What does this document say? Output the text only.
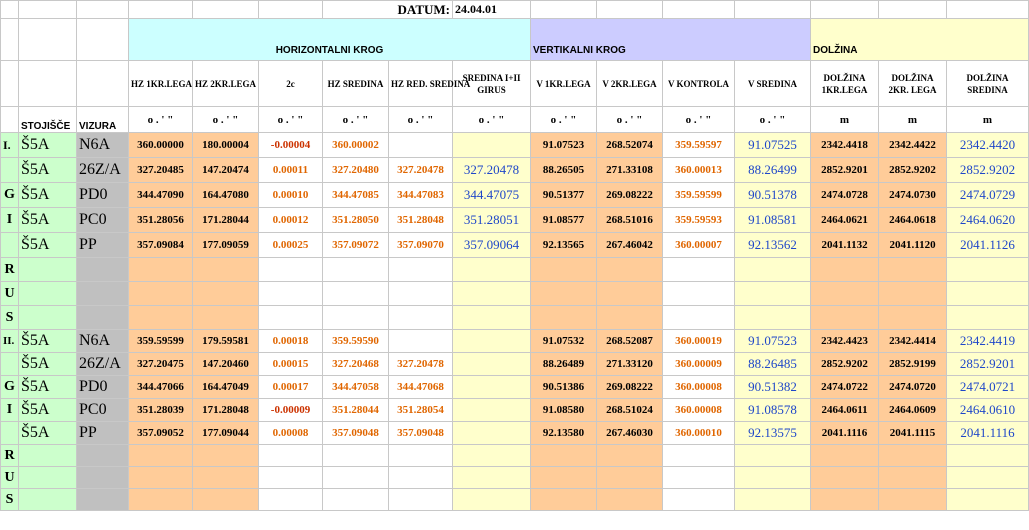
						DATUM:		24.04.01							
			HORIZONTALNI KROG						VERTIKALNI KROG				DOLŽINA		
			HZ 1KR.LEGA	HZ 2KR.LEGA	2c	HZ SREDINA	HZ RED. SREDINA	SREDINA I+II GIRUS	V 1KR.LEGA	V 2KR.LEGA	V KONTROLA	V SREDINA	DOLŽINA 1KR.LEGA	DOLŽINA 2KR. LEGA	DOLŽINA SREDINA
	STOJIŠČE	VIZURA	o . ' "	o . ' "	o . ' "	o . ' "	o . ' "	o . ' "	o . ' "	o . ' "	o . ' "	o . ' "	m	m	m
I.	Š5A	N6A	360.00000	180.00004	-0.00004	360.00002			91.07523	268.52074	359.59597	91.07525	2342.4418	2342.4422	2342.4420
	Š5A	26Z/A	327.20485	147.20474	0.00011	327.20480	327.20478	327.20478	88.26505	271.33108	360.00013	88.26499	2852.9201	2852.9202	2852.9202
G	Š5A	PD0	344.47090	164.47080	0.00010	344.47085	344.47083	344.47075	90.51377	269.08222	359.59599	90.51378	2474.0728	2474.0730	2474.0729
I	Š5A	PC0	351.28056	171.28044	0.00012	351.28050	351.28048	351.28051	91.08577	268.51016	359.59593	91.08581	2464.0621	2464.0618	2464.0620
	Š5A	PP	357.09084	177.09059	0.00025	357.09072	357.09070	357.09064	92.13565	267.46042	360.00007	92.13562	2041.1132	2041.1120	2041.1126
R															
U															
S															
II.	Š5A	N6A	359.59599	179.59581	0.00018	359.59590			91.07532	268.52087	360.00019	91.07523	2342.4423	2342.4414	2342.4419
	Š5A	26Z/A	327.20475	147.20460	0.00015	327.20468	327.20478		88.26489	271.33120	360.00009	88.26485	2852.9202	2852.9199	2852.9201
G	Š5A	PD0	344.47066	164.47049	0.00017	344.47058	344.47068		90.51386	269.08222	360.00008	90.51382	2474.0722	2474.0720	2474.0721
I	Š5A	PC0	351.28039	171.28048	-0.00009	351.28044	351.28054		91.08580	268.51024	360.00008	91.08578	2464.0611	2464.0609	2464.0610
	Š5A	PP	357.09052	177.09044	0.00008	357.09048	357.09048		92.13580	267.46030	360.00010	92.13575	2041.1116	2041.1115	2041.1116
R															
U															
S															
